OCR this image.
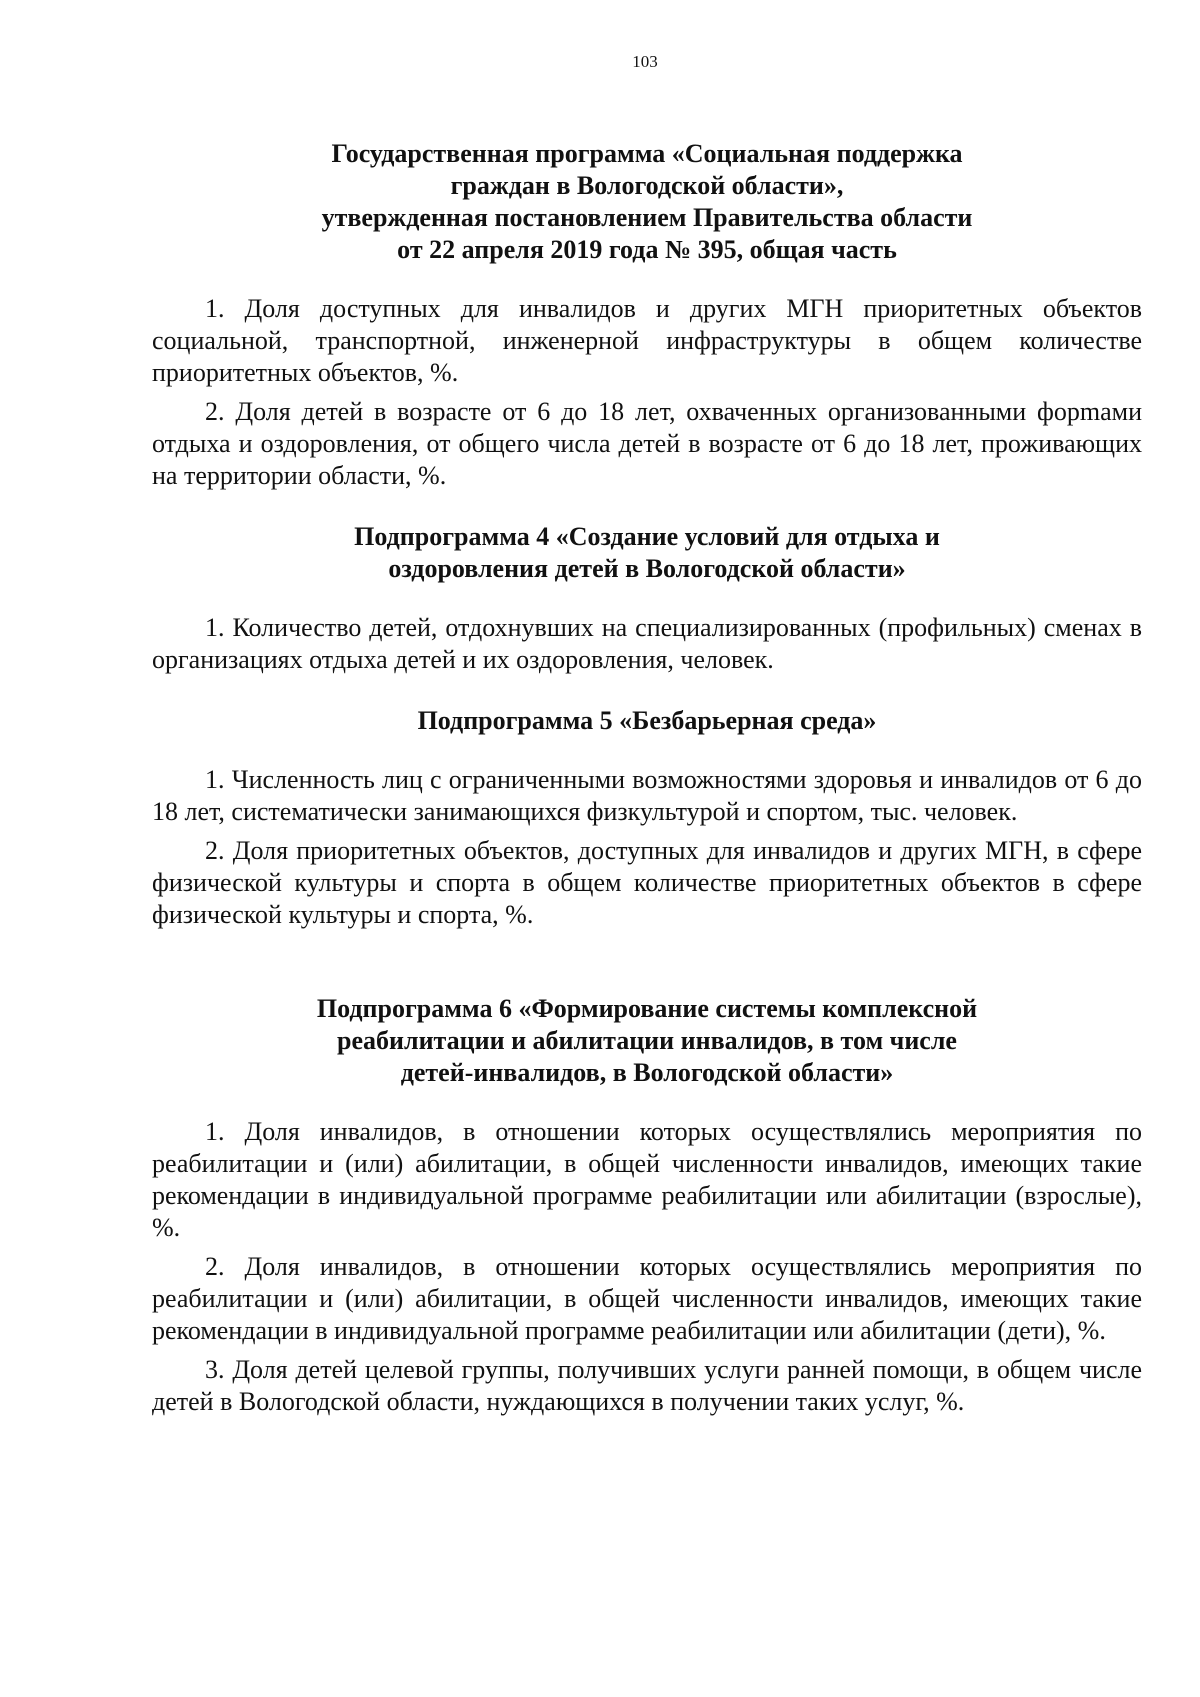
103
Государственная программа «Социальная поддержка
граждан в Вологодской области»,
утвержденная постановлением Правительства области
от 22 апреля 2019 года № 395, общая часть

1. Доля доступных для инвалидов и других МГН приоритетных объектов социальной, транспортной, инженерной инфраструктуры в общем количестве приоритетных объектов, %.

2. Доля детей в возрасте от 6 до 18 лет, охваченных организованными форmами отдыха и оздоровления, от общего числа детей в возрасте от 6 до 18 лет, проживающих на территории области, %.

Подпрограмма 4 «Создание условий для отдыха и
оздоровления детей в Вологодской области»

1. Количество детей, отдохнувших на специализированных (профильных) сменах в организациях отдыха детей и их оздоровления, человек.

Подпрограмма 5 «Безбарьерная среда»

1. Численность лиц с ограниченными возможностями здоровья и инвалидов от 6 до 18 лет, систематически занимающихся физкультурой и спортом, тыс. человек.

2. Доля приоритетных объектов, доступных для инвалидов и других МГН, в сфере физической культуры и спорта в общем количестве приоритетных объектов в сфере физической культуры и спорта, %.

Подпрограмма 6 «Формирование системы комплексной
реабилитации и абилитации инвалидов, в том числе
детей-инвалидов, в Вологодской области»

1. Доля инвалидов, в отношении которых осуществлялись мероприятия по реабилитации и (или) абилитации, в общей численности инвалидов, имеющих такие рекомендации в индивидуальной программе реабилитации или абилитации (взрослые), %.

2. Доля инвалидов, в отношении которых осуществлялись мероприятия по реабилитации и (или) абилитации, в общей численности инвалидов, имеющих такие рекомендации в индивидуальной программе реабилитации или абилитации (дети), %.

3. Доля детей целевой группы, получивших услуги ранней помощи, в общем числе детей в Вологодской области, нуждающихся в получении таких услуг, %.
